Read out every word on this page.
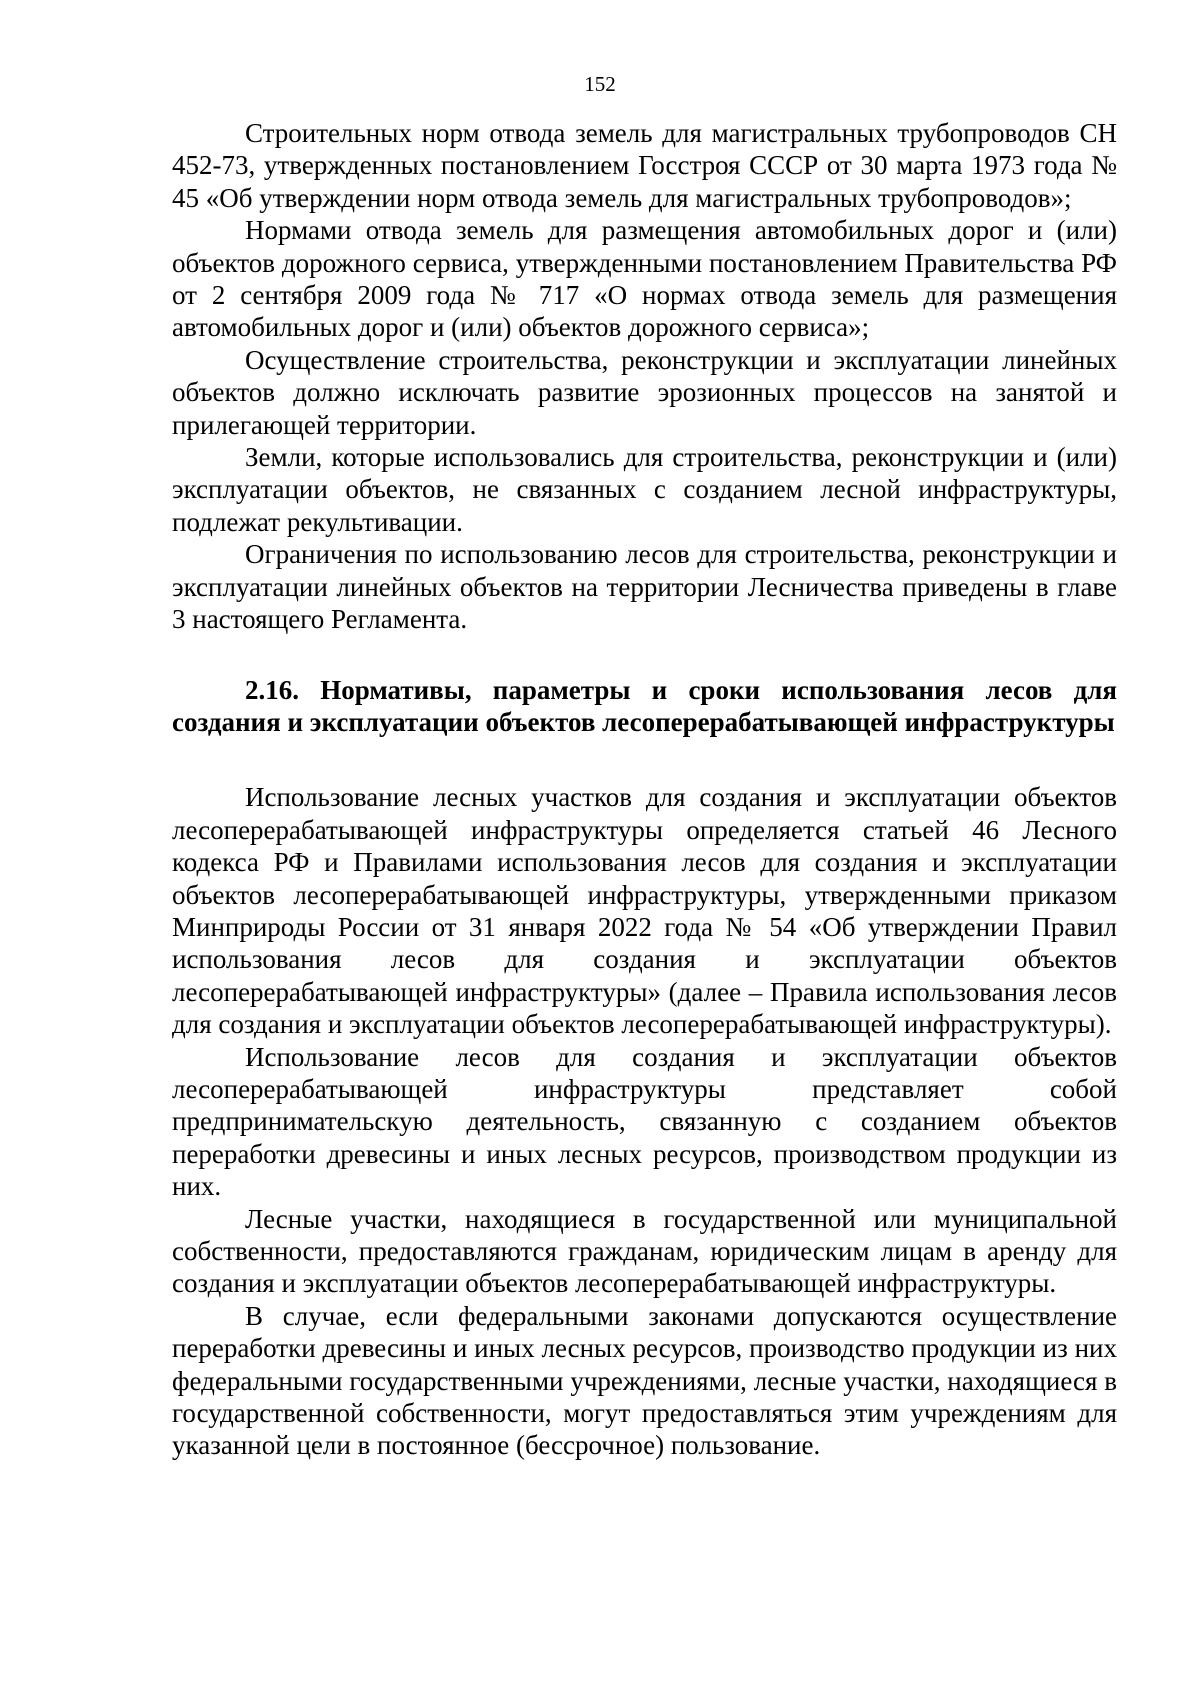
152

Строительных норм отвода земель для магистральных трубопроводов СН 452-73, утвержденных постановлением Госстроя СССР от 30 марта 1973 года № 45 «Об утверждении норм отвода земель для магистральных трубопроводов»;

Нормами отвода земель для размещения автомобильных дорог и (или) объектов дорожного сервиса, утвержденными постановлением Правительства РФ от 2 сентября 2009 года № 717 «О нормах отвода земель для размещения автомобильных дорог и (или) объектов дорожного сервиса»;

Осуществление строительства, реконструкции и эксплуатации линейных объектов должно исключать развитие эрозионных процессов на занятой и прилегающей территории.

Земли, которые использовались для строительства, реконструкции и (или) эксплуатации объектов, не связанных с созданием лесной инфраструктуры, подлежат рекультивации.

Ограничения по использованию лесов для строительства, реконструкции и эксплуатации линейных объектов на территории Лесничества приведены в главе 3 настоящего Регламента.

2.16. Нормативы, параметры и сроки использования лесов для создания и эксплуатации объектов лесоперерабатывающей инфраструктуры

Использование лесных участков для создания и эксплуатации объектов лесоперерабатывающей инфраструктуры определяется статьей 46 Лесного кодекса РФ и Правилами использования лесов для создания и эксплуатации объектов лесоперерабатывающей инфраструктуры, утвержденными приказом Минприроды России от 31 января 2022 года № 54 «Об утверждении Правил использования лесов для создания и эксплуатации объектов лесоперерабатывающей инфраструктуры» (далее – Правила использования лесов для создания и эксплуатации объектов лесоперерабатывающей инфраструктуры).

Использование лесов для создания и эксплуатации объектов лесоперерабатывающей инфраструктуры представляет собой предпринимательскую деятельность, связанную с созданием объектов переработки древесины и иных лесных ресурсов, производством продукции из них.

Лесные участки, находящиеся в государственной или муниципальной собственности, предоставляются гражданам, юридическим лицам в аренду для создания и эксплуатации объектов лесоперерабатывающей инфраструктуры.

В случае, если федеральными законами допускаются осуществление переработки древесины и иных лесных ресурсов, производство продукции из них федеральными государственными учреждениями, лесные участки, находящиеся в государственной собственности, могут предоставляться этим учреждениям для указанной цели в постоянное (бессрочное) пользование.
